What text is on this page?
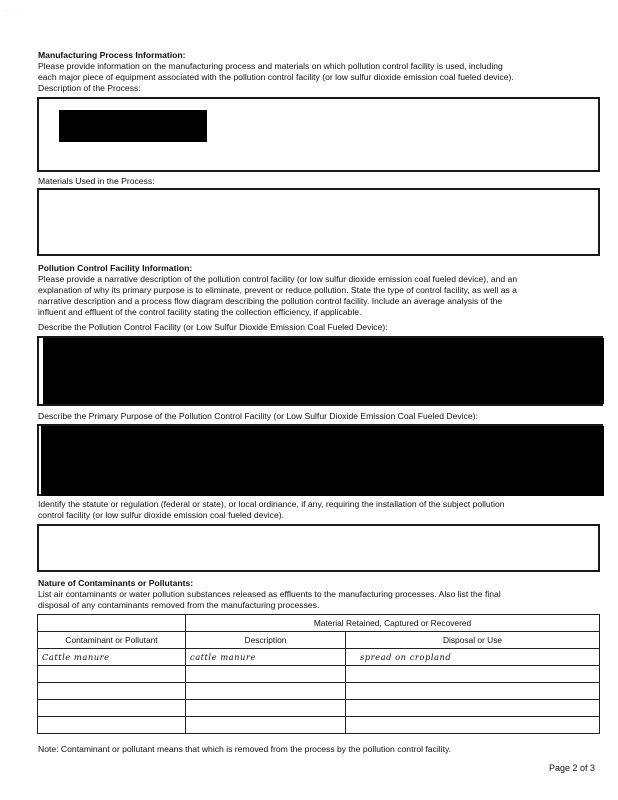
· · · ·
Manufacturing Process Information:
Please provide information on the manufacturing process and materials on which pollution control facility is used, including
each major piece of equipment associated with the pollution control facility (or low sulfur dioxide emission coal fueled device).
Description of the Process:
Materials Used in the Process:
Pollution Control Facility Information:
Please provide a narrative description of the pollution control facility (or low sulfur dioxide emission coal fueled device), and an
explanation of why its primary purpose is to eliminate, prevent or reduce pollution. State the type of control facility, as well as a
narrative description and a process flow diagram describing the pollution control facility. Include an average analysis of the
influent and effluent of the control facility stating the collection efficiency, if applicable.
Describe the Pollution Control Facility (or Low Sulfur Dioxide Emission Coal Fueled Device):
Describe the Primary Purpose of the Pollution Control Facility (or Low Sulfur Dioxide Emission Coal Fueled Device):
Identify the statute or regulation (federal or state), or local ordinance, if any, requiring the installation of the subject pollution
control facility (or low sulfur dioxide emission coal fueled device).
Nature of Contaminants or Pollutants:
List air contaminants or water pollution substances released as effluents to the manufacturing processes. Also list the final
disposal of any contaminants removed from the manufacturing processes.
	Material Retained, Captured or Recovered	
Contaminant or Pollutant	Description	Disposal or Use
Cattle manure	cattle manure	spread on cropland

Note: Contaminant or pollutant means that which is removed from the process by the pollution control facility.
Page 2 of 3
